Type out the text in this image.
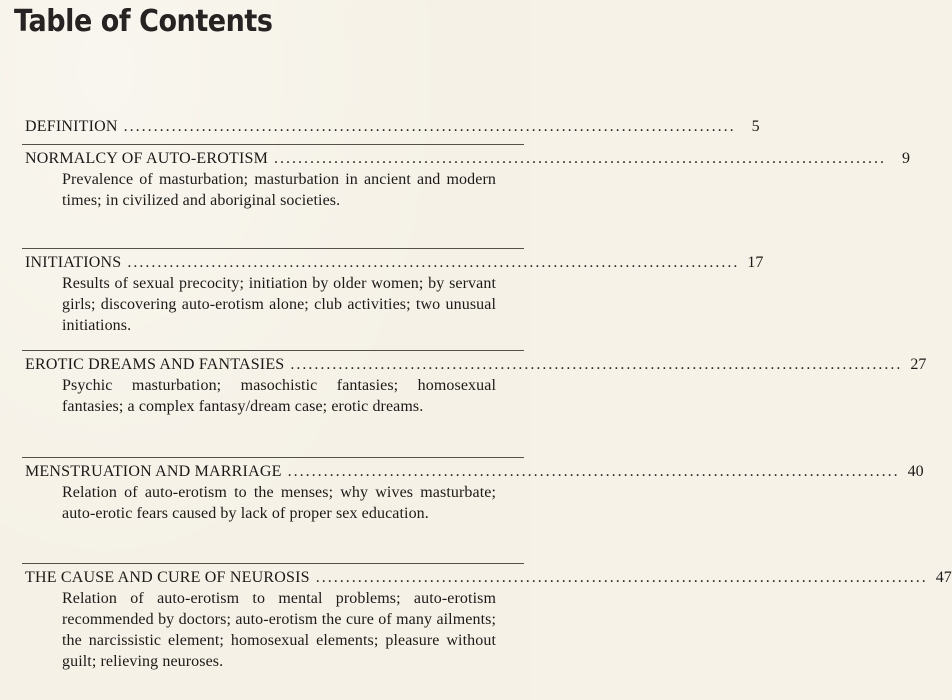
Table of Contents
DEFINITION ......................................................................................................	5
NORMALCY OF AUTO-EROTISM ......................................................................................................	9

Prevalence of masturbation; masturbation in ancient and modern times; in civilized and aboriginal societies.

INITIATIONS ...................................................................................................... 17

Results of sexual precocity; initiation by older women; by servant girls; discovering auto-erotism alone; club activities; two unusual initiations.

EROTIC DREAMS AND FANTASIES ...................................................................................................... 27

Psychic masturbation; masochistic fantasies; homosexual fantasies; a complex fantasy/dream case; erotic dreams.

MENSTRUATION AND MARRIAGE ...................................................................................................... 40

Relation of auto-erotism to the menses; why wives masturbate; auto-erotic fears caused by lack of proper sex education.

THE CAUSE AND CURE OF NEUROSIS ...................................................................................................... 47

Relation of auto-erotism to mental problems; auto-erotism recommended by doctors; auto-erotism the cure of many ailments; the narcissistic element; homosexual elements; pleasure without guilt; relieving neuroses.
